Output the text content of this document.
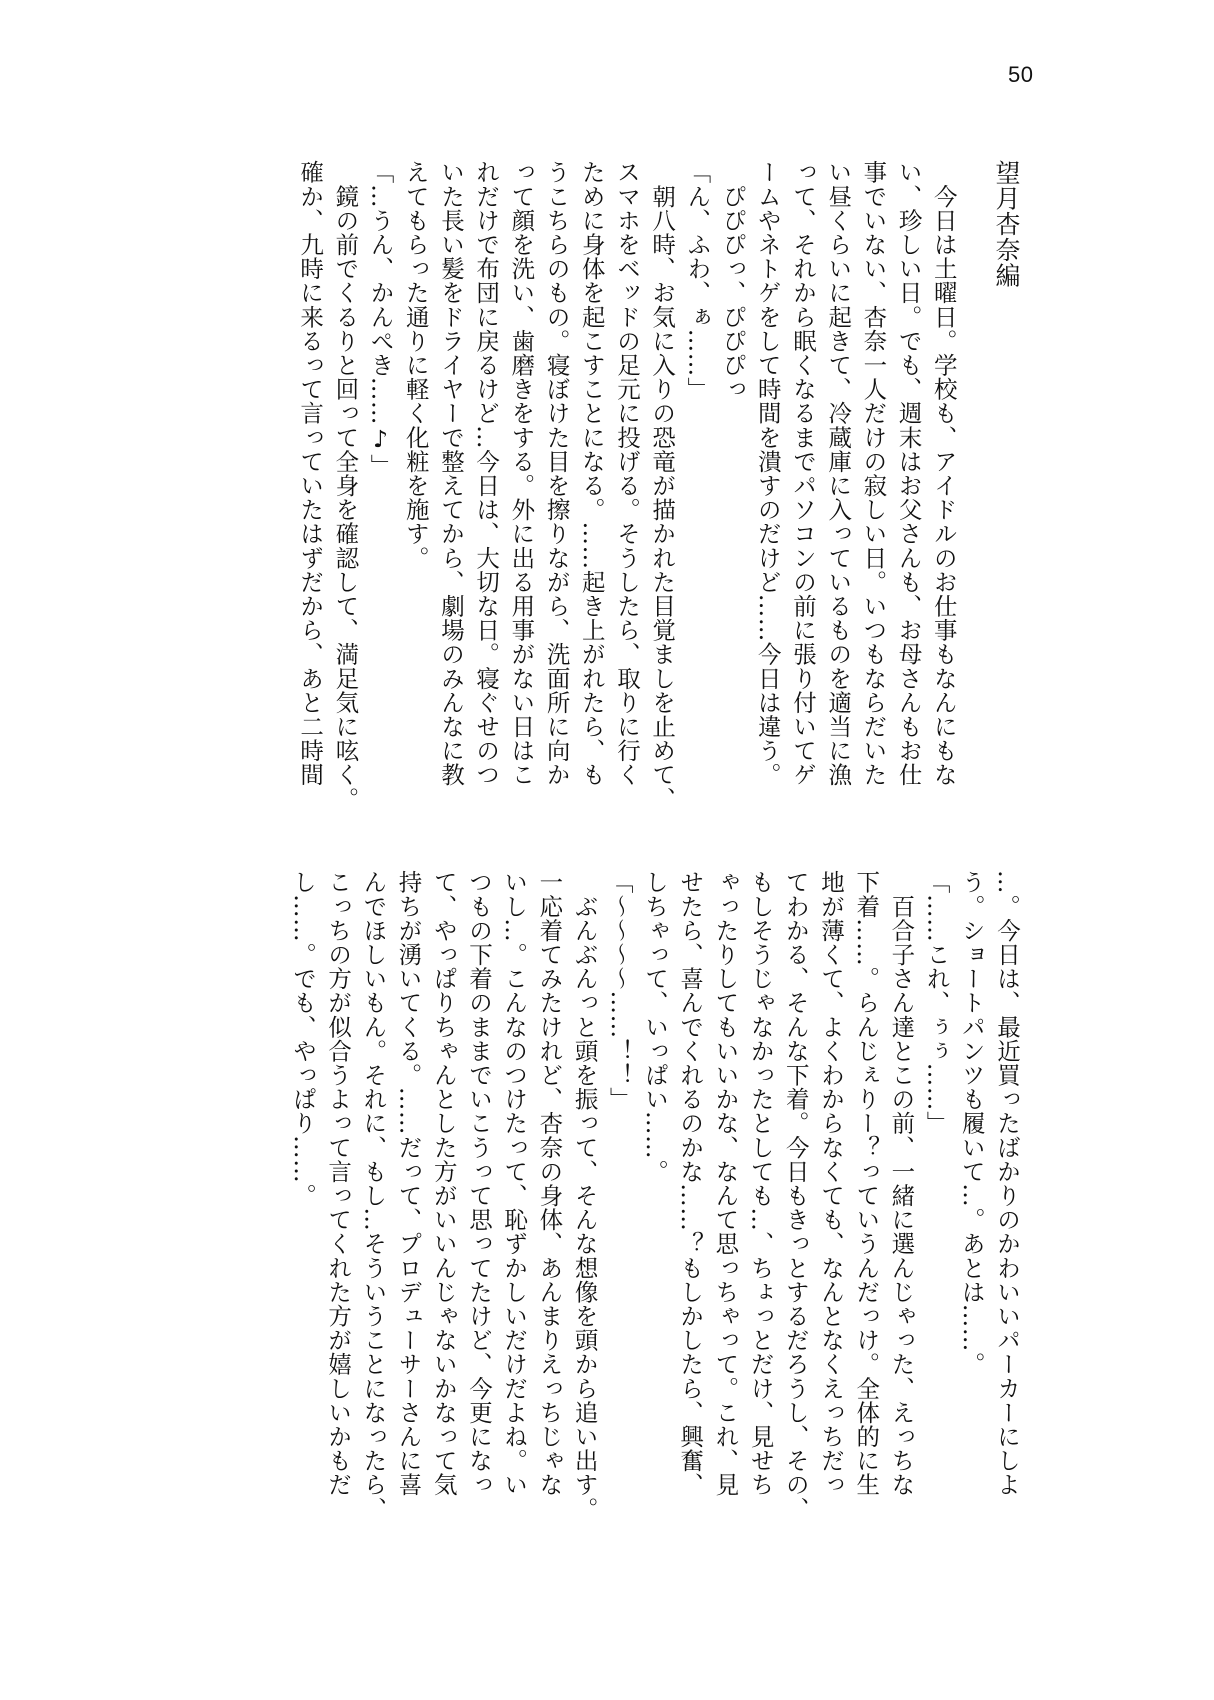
50
望月杏奈編
　今日は土曜日。学校も、アイドルのお仕事もなんにもな
い、珍しい日。でも、週末はお父さんも、お母さんもお仕
事でいない、杏奈一人だけの寂しい日。いつもならだいた
い昼くらいに起きて、冷蔵庫に入っているものを適当に漁
って、それから眠くなるまでパソコンの前に張り付いてゲ
ームやネトゲをして時間を潰すのだけど……今日は違う。
　ぴぴぴっ、ぴぴぴっ
「ん、ふわ、ぁ……」
　朝八時、お気に入りの恐竜が描かれた目覚ましを止めて、
スマホをベッドの足元に投げる。そうしたら、取りに行く
ために身体を起こすことになる。……起き上がれたら、も
うこちらのもの。寝ぼけた目を擦りながら、洗面所に向か
って顔を洗い、歯磨きをする。外に出る用事がない日はこ
れだけで布団に戻るけど…今日は、大切な日。寝ぐせのつ
いた長い髪をドライヤーで整えてから、劇場のみんなに教
えてもらった通りに軽く化粧を施す。
「…うん、かんぺき……♪」
　鏡の前でくるりと回って全身を確認して、満足気に呟く。
確か、九時に来るって言っていたはずだから、あと二時間
…。今日は、最近買ったばかりのかわいいパーカーにしよ
う。ショートパンツも履いて…。あとは……。
「……これ、ぅぅ……」
　百合子さん達とこの前、一緒に選んじゃった、えっちな
下着……。らんじぇりー？っていうんだっけ。全体的に生
地が薄くて、よくわからなくても、なんとなくえっちだっ
てわかる、そんな下着。今日もきっとするだろうし、その、
もしそうじゃなかったとしても…、ちょっとだけ、見せち
ゃったりしてもいいかな、なんて思っちゃって。これ、見
せたら、喜んでくれるのかな……？もしかしたら、興奮、
しちゃって、いっぱい……。
「〜〜〜〜……！！」
　ぶんぶんっと頭を振って、そんな想像を頭から追い出す。
一応着てみたけれど、杏奈の身体、あんまりえっちじゃな
いし…。こんなのつけたって、恥ずかしいだけだよね。い
つもの下着のままでいこうって思ってたけど、今更になっ
て、やっぱりちゃんとした方がいいんじゃないかなって気
持ちが湧いてくる。……だって、プロデューサーさんに喜
んでほしいもん。それに、もし…そういうことになったら、
こっちの方が似合うよって言ってくれた方が嬉しいかもだ
し……。でも、やっぱり……。
